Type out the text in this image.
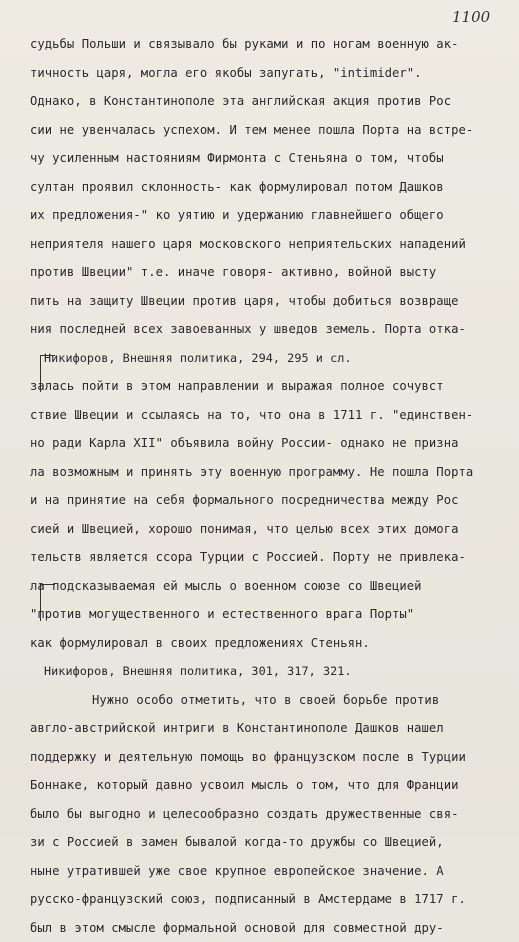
1100
судьбы Польши и связывало бы руками и по ногам военную ак-
тичность царя, могла его якобы запугать, "intimider".
Однако, в Константинополе эта английская акция против Рос
сии не увенчалась успехом. И тем менее пошла Порта на встре-
чу усиленным настояниям Фирмонта с Стеньяна о том, чтобы
султан проявил склонность- как формулировал потом Дашков
их предложения-" ко уятию и удержанию главнейшего общего
неприятеля нашего царя московского неприятельских нападений
против Швеции" т.е. иначе говоря- активно, войной высту
пить на защиту Швеции против царя, чтобы добиться возвраще
ния последней всех завоеванных у шведов земель. Порта отка-
Никифоров, Внешняя политика, 294, 295 и сл.
залась пойти в этом направлении и выражая полное сочувст
ствие Швеции и ссылаясь на то, что она в 1711 г. "единствен-
но ради Карла XII" объявила войну России- однако не призна
ла возможным и принять эту военную программу. Не пошла Порта
и на принятие на себя формального посредничества между Рос
сией и Швецией, хорошо понимая, что целью всех этих домога
тельств является ссора Турции с Россией. Порту не привлека-
ла подсказываемая ей мысль о военном союзе со Швецией
"против могущественного и естественного врага Порты"
как формулировал в своих предложениях Стеньян.
Никифоров, Внешняя политика, 301, 317, 321.
Нужно особо отметить, что в своей борьбе против
авгло-австрийской интриги в Константинополе Дашков нашел
поддержку и деятельную помощь во французском после в Турции
Боннаке, который давно усвоил мысль о том, что для Франции
было бы выгодно и целесообразно создать дружественные свя-
зи с Россией в замен бывалой когда-то дружбы со Швецией,
ныне утратившей уже свое крупное европейское значение. А
русско-французский союз, подписанный в Амстердаме в 1717 г.
был в этом смысле формальной основой для совместной дру-
